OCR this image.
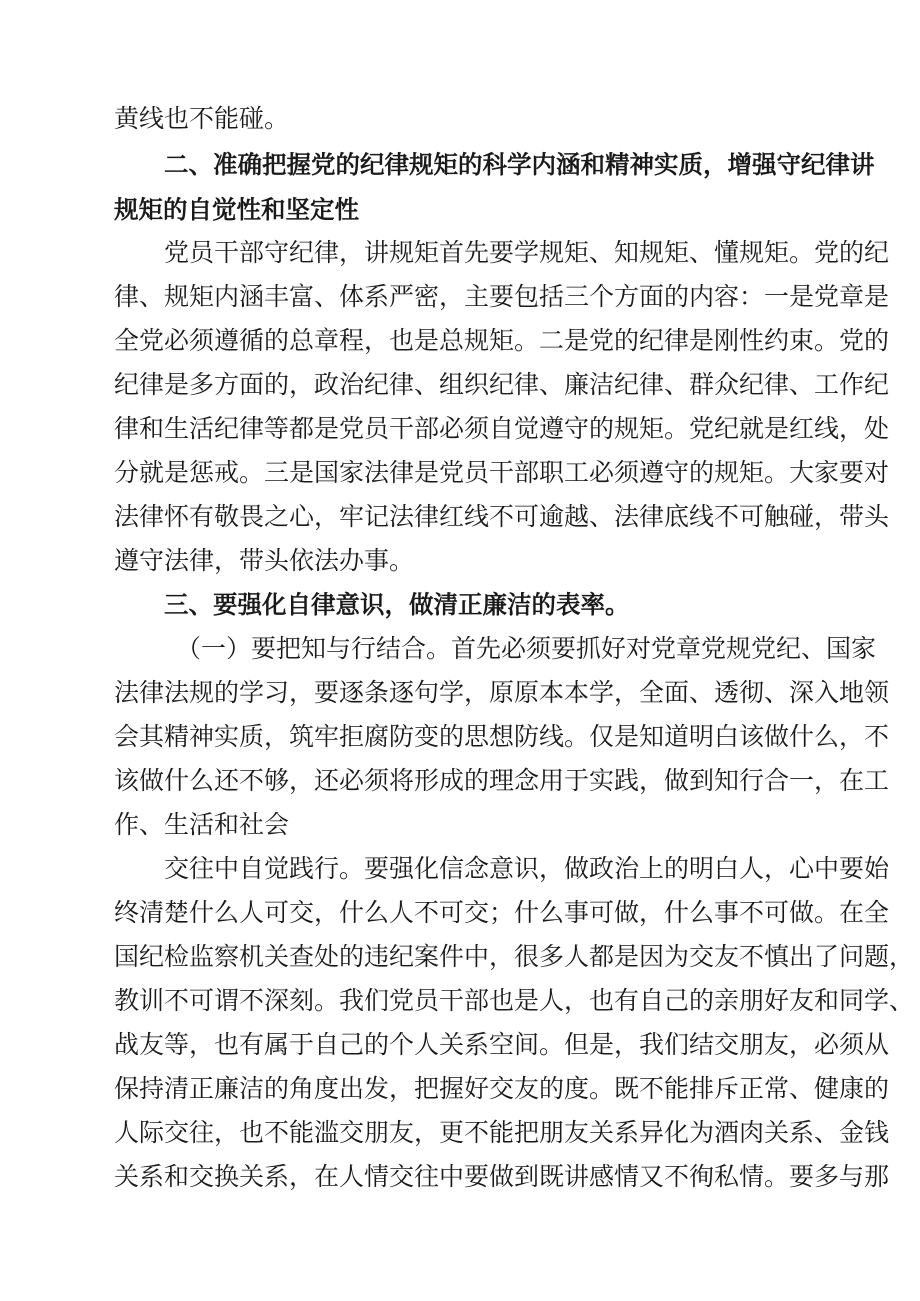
黄线也不能碰。
二、准确把握党的纪律规矩的科学内涵和精神实质，增强守纪律讲
规矩的自觉性和坚定性
党员干部守纪律，讲规矩首先要学规矩、知规矩、懂规矩。党的纪
律、规矩内涵丰富、体系严密，主要包括三个方面的内容：一是党章是
全党必须遵循的总章程，也是总规矩。二是党的纪律是刚性约束。党的
纪律是多方面的，政治纪律、组织纪律、廉洁纪律、群众纪律、工作纪
律和生活纪律等都是党员干部必须自觉遵守的规矩。党纪就是红线，处
分就是惩戒。三是国家法律是党员干部职工必须遵守的规矩。大家要对
法律怀有敬畏之心，牢记法律红线不可逾越、法律底线不可触碰，带头
遵守法律，带头依法办事。
三、要强化自律意识，做清正廉洁的表率。
（一）要把知与行结合。首先必须要抓好对党章党规党纪、国家
法律法规的学习，要逐条逐句学，原原本本学，全面、透彻、深入地领
会其精神实质，筑牢拒腐防变的思想防线。仅是知道明白该做什么，不
该做什么还不够，还必须将形成的理念用于实践，做到知行合一，在工
作、生活和社会
交往中自觉践行。要强化信念意识，做政治上的明白人，心中要始
终清楚什么人可交，什么人不可交；什么事可做，什么事不可做。在全
国纪检监察机关查处的违纪案件中，很多人都是因为交友不慎出了问题，
教训不可谓不深刻。我们党员干部也是人，也有自己的亲朋好友和同学、
战友等，也有属于自己的个人关系空间。但是，我们结交朋友，必须从
保持清正廉洁的角度出发，把握好交友的度。既不能排斥正常、健康的
人际交往，也不能滥交朋友，更不能把朋友关系异化为酒肉关系、金钱
关系和交换关系，在人情交往中要做到既讲感情又不徇私情。要多与那
